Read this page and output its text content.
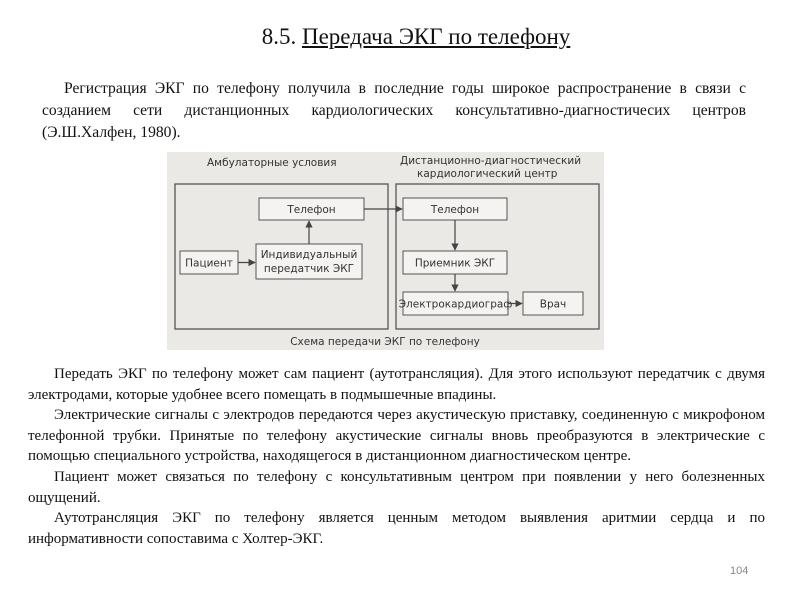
8.5. Передача ЭКГ по телефону
Регистрация ЭКГ по телефону получила в последние годы широкое распространение в связи с созданием сети дистанционных кардиологических консультативно-диагностичесих центров (Э.Ш.Халфен, 1980).
Амбулаторные условия	Дистанционно-диагностический
кардиологический центр
Телефон
Пациент
Индивидуальный
передатчик ЭКГ
Телефон
Приемник ЭКГ
Электрокардиограф	Врач
Схема передачи ЭКГ по телефону

Передать ЭКГ по телефону может сам пациент (аутотрансляция). Для этого используют передатчик с двумя электродами, которые удобнее всего помещать в подмышечные впадины.

Электрические сигналы с электродов передаются через акустическую приставку, соединенную с микрофоном телефонной трубки. Принятые по телефону акустические сигналы вновь преобразуются в электрические с помощью специального устройства, находящегося в дистанционном диагностическом центре.

Пациент может связаться по телефону с консультативным центром при появлении у него болезненных ощущений.

Аутотрансляция ЭКГ по телефону является ценным методом выявления аритмии сердца и по информативности сопоставима с Холтер-ЭКГ.

104
